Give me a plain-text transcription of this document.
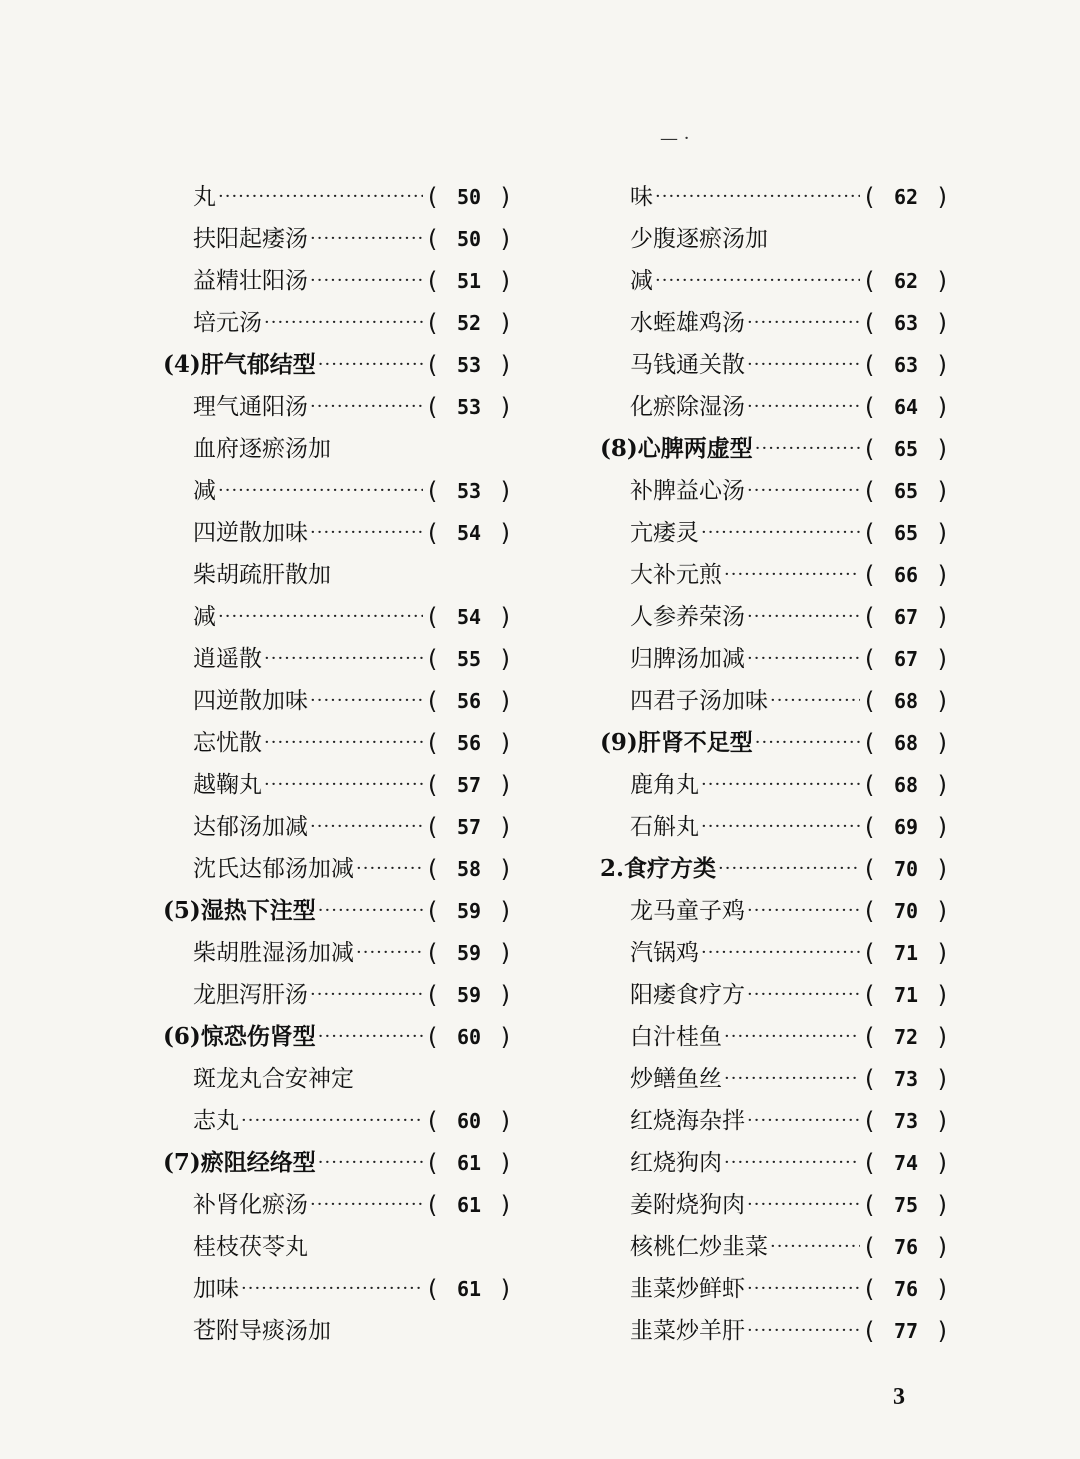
— ·
丸 ·····	( 50 )
扶阳起痿汤 ·····	( 50 )
益精壮阳汤 ·····	( 51 )
培元汤 ·····	( 52 )
(4)肝气郁结型 ·····	( 53 )
理气通阳汤 ·····	( 53 )
血府逐瘀汤加
减 ·····	( 53 )
四逆散加味 ·····	( 54 )
柴胡疏肝散加
减 ·····	( 54 )
逍遥散 ·····	( 55 )
四逆散加味 ·····	( 56 )
忘忧散 ·····	( 56 )
越鞠丸 ·····	( 57 )
达郁汤加减 ·····	( 57 )
沈氏达郁汤加减 ·····	( 58 )
(5)湿热下注型 ·····	( 59 )
柴胡胜湿汤加减 ·····	( 59 )
龙胆泻肝汤 ·····	( 59 )
(6)惊恐伤肾型 ·····	( 60 )
斑龙丸合安神定
志丸 ·····	( 60 )
(7)瘀阻经络型 ·····	( 61 )
补肾化瘀汤 ·····	( 61 )
桂枝茯苓丸
加味 ·····	( 61 )
苍附导痰汤加
味 ·····	( 62 )
少腹逐瘀汤加
减 ·····	( 62 )
水蛭雄鸡汤 ·····	( 63 )
马钱通关散 ·····	( 63 )
化瘀除湿汤 ·····	( 64 )
(8)心脾两虚型 ·····	( 65 )
补脾益心汤 ·····	( 65 )
亢痿灵 ·····	( 65 )
大补元煎 ·····	( 66 )
人参养荣汤 ·····	( 67 )
归脾汤加减 ·····	( 67 )
四君子汤加味 ·····	( 68 )
(9)肝肾不足型 ·····	( 68 )
鹿角丸 ·····	( 68 )
石斛丸 ·····	( 69 )
2.食疗方类 ·····	( 70 )
龙马童子鸡 ·····	( 70 )
汽锅鸡 ·····	( 71 )
阳痿食疗方 ·····	( 71 )
白汁桂鱼 ·····	( 72 )
炒鳝鱼丝 ·····	( 73 )
红烧海杂拌 ·····	( 73 )
红烧狗肉 ·····	( 74 )
姜附烧狗肉 ·····	( 75 )
核桃仁炒韭菜 ·····	( 76 )
韭菜炒鲜虾 ·····	( 76 )
韭菜炒羊肝 ·····	( 77 )
3
